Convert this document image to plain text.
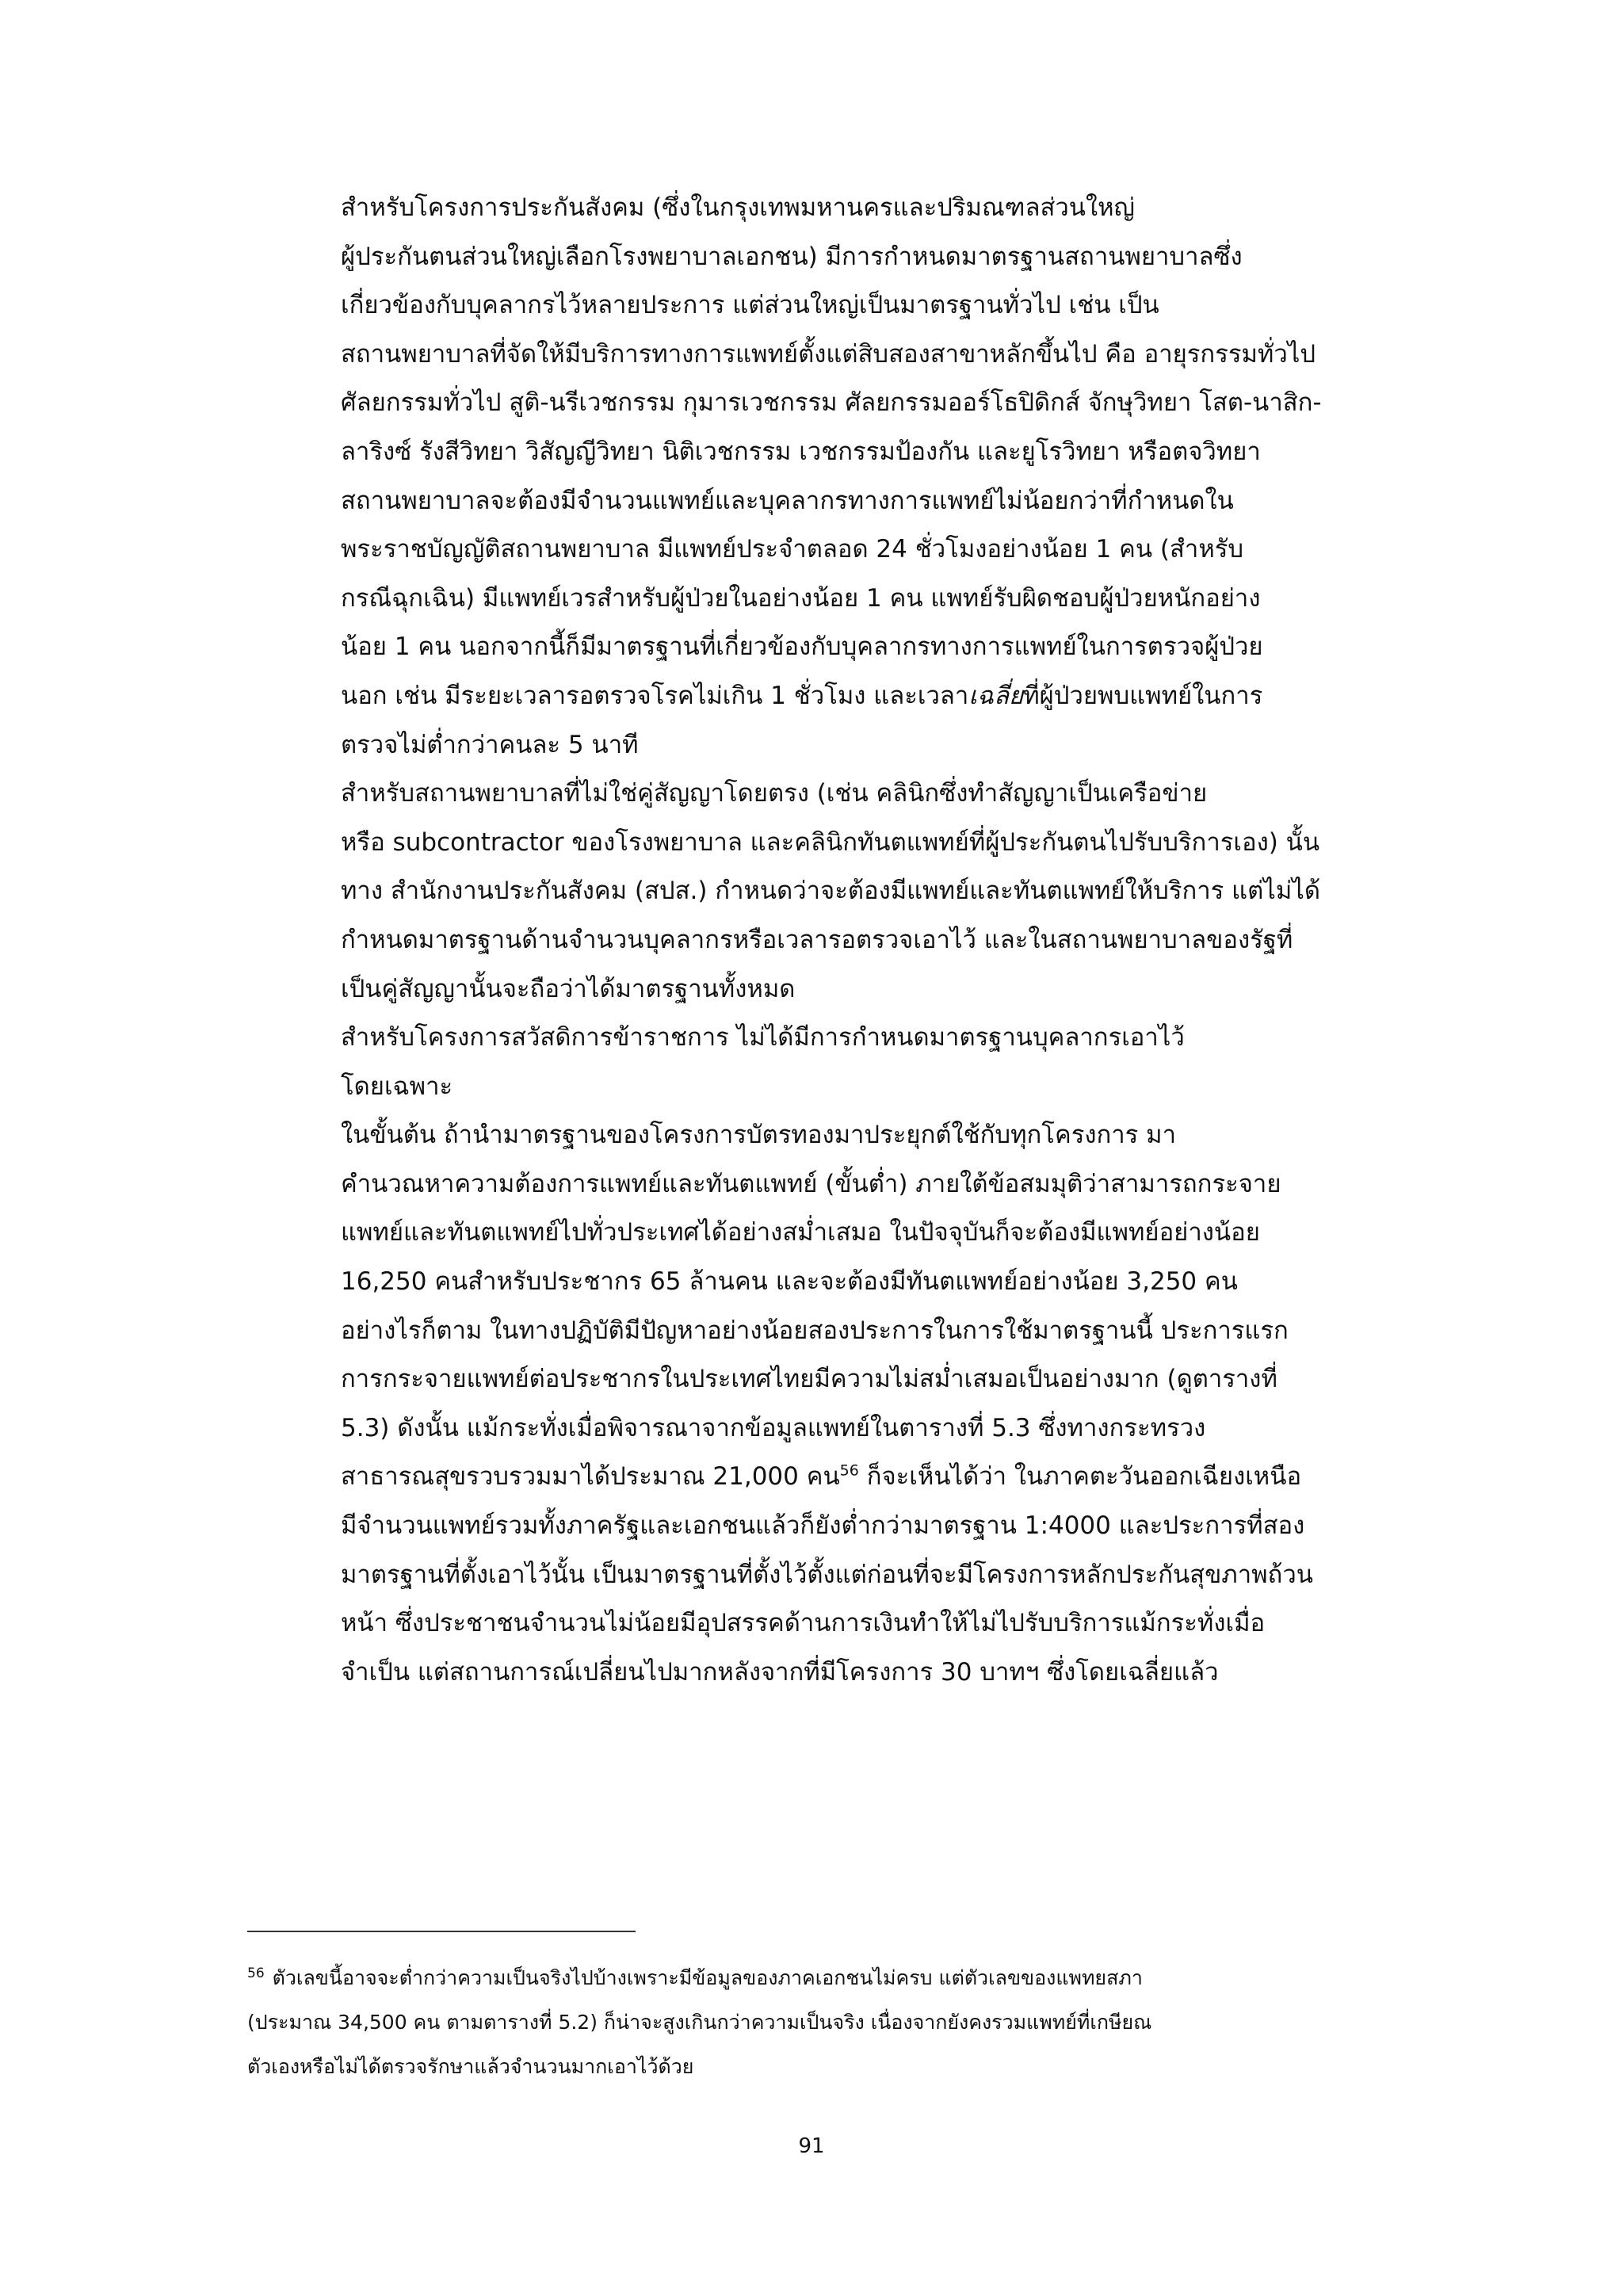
สำหรับโครงการประกันสังคม (ซึ่งในกรุงเทพมหานครและปริมณฑลส่วนใหญ่
ผู้ประกันตนส่วนใหญ่เลือกโรงพยาบาลเอกชน) มีการกำหนดมาตรฐานสถานพยาบาลซึ่ง
เกี่ยวข้องกับบุคลากรไว้หลายประการ แต่ส่วนใหญ่เป็นมาตรฐานทั่วไป เช่น เป็น
สถานพยาบาลที่จัดให้มีบริการทางการแพทย์ตั้งแต่สิบสองสาขาหลักขึ้นไป คือ อายุรกรรมทั่วไป
ศัลยกรรมทั่วไป สูติ-นรีเวชกรรม กุมารเวชกรรม ศัลยกรรมออร์โธปิดิกส์ จักษุวิทยา โสต-นาสิก-
ลาริงซ์ รังสีวิทยา วิสัญญีวิทยา นิติเวชกรรม เวชกรรมป้องกัน และยูโรวิทยา หรือตจวิทยา
สถานพยาบาลจะต้องมีจำนวนแพทย์และบุคลากรทางการแพทย์ไม่น้อยกว่าที่กำหนดใน
พระราชบัญญัติสถานพยาบาล มีแพทย์ประจำตลอด 24 ชั่วโมงอย่างน้อย 1 คน (สำหรับ
กรณีฉุกเฉิน) มีแพทย์เวรสำหรับผู้ป่วยในอย่างน้อย 1 คน แพทย์รับผิดชอบผู้ป่วยหนักอย่าง
น้อย 1 คน นอกจากนี้ก็มีมาตรฐานที่เกี่ยวข้องกับบุคลากรทางการแพทย์ในการตรวจผู้ป่วย
นอก เช่น มีระยะเวลารอตรวจโรคไม่เกิน 1 ชั่วโมง และเวลาเฉลี่ยที่ผู้ป่วยพบแพทย์ในการ
ตรวจไม่ต่ำกว่าคนละ 5 นาที

สำหรับสถานพยาบาลที่ไม่ใช่คู่สัญญาโดยตรง (เช่น คลินิกซึ่งทำสัญญาเป็นเครือข่าย
หรือ subcontractor ของโรงพยาบาล และคลินิกทันตแพทย์ที่ผู้ประกันตนไปรับบริการเอง) นั้น
ทาง สำนักงานประกันสังคม (สปส.) กำหนดว่าจะต้องมีแพทย์และทันตแพทย์ให้บริการ แต่ไม่ได้
กำหนดมาตรฐานด้านจำนวนบุคลากรหรือเวลารอตรวจเอาไว้ และในสถานพยาบาลของรัฐที่
เป็นคู่สัญญานั้นจะถือว่าได้มาตรฐานทั้งหมด

สำหรับโครงการสวัสดิการข้าราชการ ไม่ได้มีการกำหนดมาตรฐานบุคลากรเอาไว้
โดยเฉพาะ

ในขั้นต้น ถ้านำมาตรฐานของโครงการบัตรทองมาประยุกต์ใช้กับทุกโครงการ มา
คำนวณหาความต้องการแพทย์และทันตแพทย์ (ขั้นต่ำ) ภายใต้ข้อสมมุติว่าสามารถกระจาย
แพทย์และทันตแพทย์ไปทั่วประเทศได้อย่างสม่ำเสมอ ในปัจจุบันก็จะต้องมีแพทย์อย่างน้อย
16,250 คนสำหรับประชากร 65 ล้านคน และจะต้องมีทันตแพทย์อย่างน้อย 3,250 คน
อย่างไรก็ตาม ในทางปฏิบัติมีปัญหาอย่างน้อยสองประการในการใช้มาตรฐานนี้ ประการแรก
การกระจายแพทย์ต่อประชากรในประเทศไทยมีความไม่สม่ำเสมอเป็นอย่างมาก (ดูตารางที่
5.3) ดังนั้น แม้กระทั่งเมื่อพิจารณาจากข้อมูลแพทย์ในตารางที่ 5.3 ซึ่งทางกระทรวง
สาธารณสุขรวบรวมมาได้ประมาณ 21,000 คน$^{56}$ ก็จะเห็นได้ว่า ในภาคตะวันออกเฉียงเหนือ
มีจำนวนแพทย์รวมทั้งภาครัฐและเอกชนแล้วก็ยังต่ำกว่ามาตรฐาน 1:4000 และประการที่สอง
มาตรฐานที่ตั้งเอาไว้นั้น เป็นมาตรฐานที่ตั้งไว้ตั้งแต่ก่อนที่จะมีโครงการหลักประกันสุขภาพถ้วน
หน้า ซึ่งประชาชนจำนวนไม่น้อยมีอุปสรรคด้านการเงินทำให้ไม่ไปรับบริการแม้กระทั่งเมื่อ
จำเป็น แต่สถานการณ์เปลี่ยนไปมากหลังจากที่มีโครงการ 30 บาทฯ ซึ่งโดยเฉลี่ยแล้ว

$^{56}$ ตัวเลขนี้อาจจะต่ำกว่าความเป็นจริงไปบ้างเพราะมีข้อมูลของภาคเอกชนไม่ครบ แต่ตัวเลขของแพทยสภา
(ประมาณ 34,500 คน ตามตารางที่ 5.2) ก็น่าจะสูงเกินกว่าความเป็นจริง เนื่องจากยังคงรวมแพทย์ที่เกษียณ
ตัวเองหรือไม่ได้ตรวจรักษาแล้วจำนวนมากเอาไว้ด้วย
91
